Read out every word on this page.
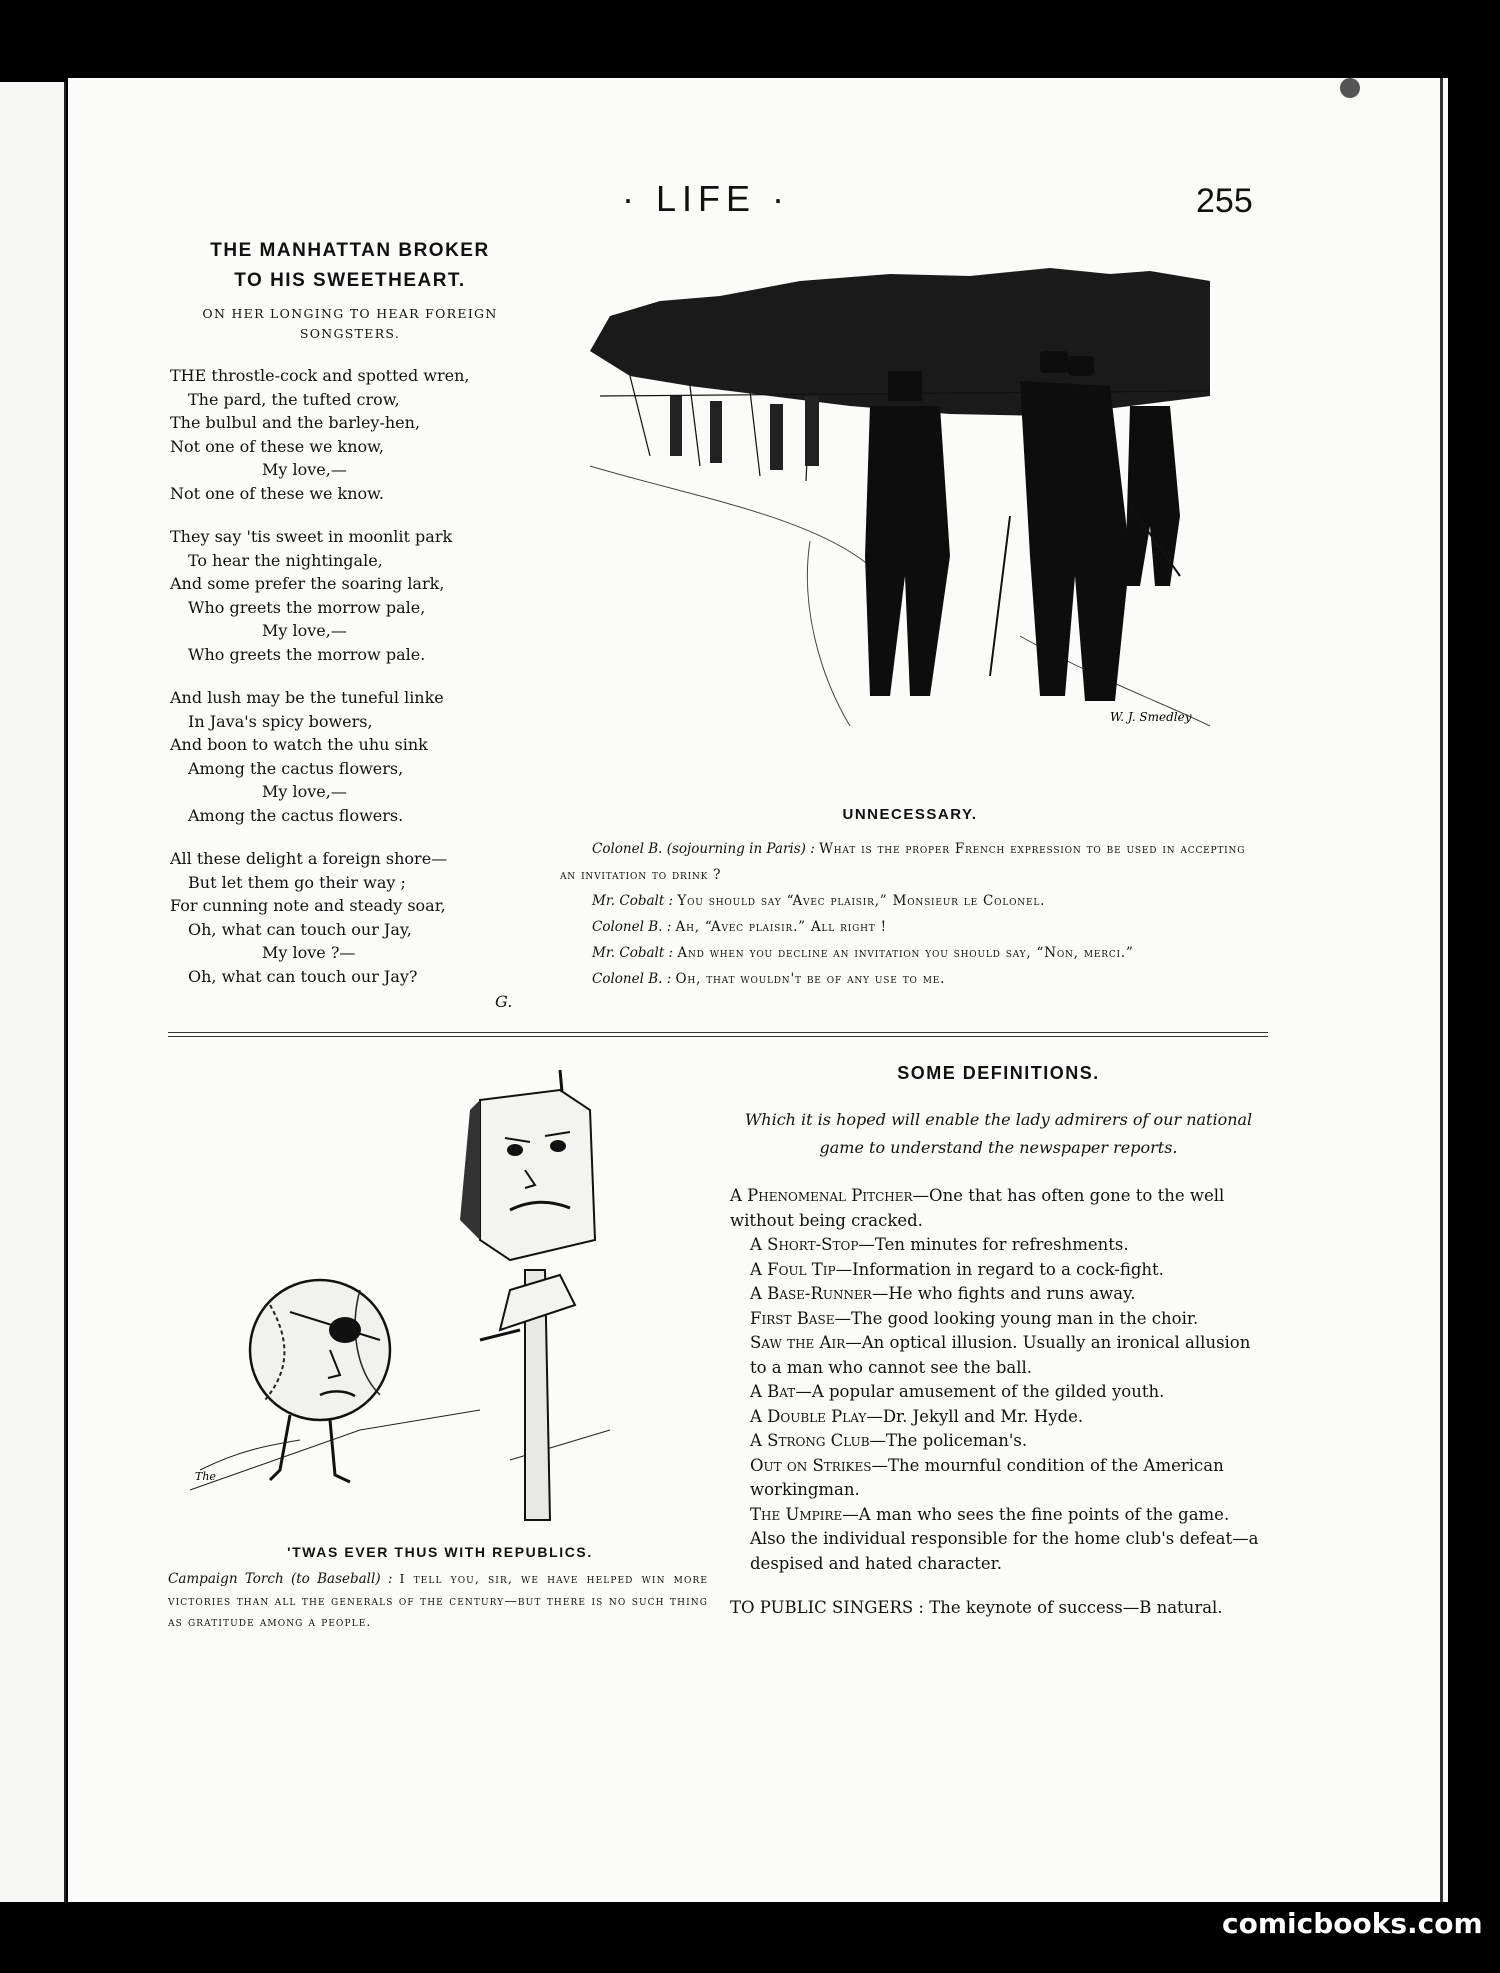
· LIFE ·	255
THE MANHATTAN BROKER
TO HIS SWEETHEART.
ON HER LONGING TO HEAR FOREIGN
SONGSTERS.
THE throstle-cock and spotted wren,
The pard, the tufted crow,
The bulbul and the barley-hen,
Not one of these we know,
My love,—
Not one of these we know.
They say 'tis sweet in moonlit park
To hear the nightingale,
And some prefer the soaring lark,
Who greets the morrow pale,
My love,—
Who greets the morrow pale.
And lush may be the tuneful linke
In Java's spicy bowers,
And boon to watch the uhu sink
Among the cactus flowers,
My love,—
Among the cactus flowers.
All these delight a foreign shore—
But let them go their way ;
For cunning note and steady soar,
Oh, what can touch our Jay,
My love ?—
Oh, what can touch our Jay?
G.
W. J. Smedley
UNNECESSARY.

Colonel B. (sojourning in Paris) : What is the proper French expression to be used in accepting an invitation to drink ?

Mr. Cobalt : You should say “Avec plaisir,” Monsieur le Colonel.

Colonel B. : Ah, “Avec plaisir.” All right !

Mr. Cobalt : And when you decline an invitation you should say, “Non, merci.”

Colonel B. : Oh, that wouldn't be of any use to me.

The
'TWAS EVER THUS WITH REPUBLICS.
Campaign Torch (to Baseball) : I tell you, sir, we have helped win more victories than all the generals of the century—but there is no such thing as gratitude among a people.
SOME DEFINITIONS.
Which it is hoped will enable the lady admirers of our national game to understand the newspaper reports.

A Phenomenal Pitcher—One that has often gone to the well without being cracked.

A Short-Stop—Ten minutes for refreshments.

A Foul Tip—Information in regard to a cock-fight.

A Base-Runner—He who fights and runs away.

First Base—The good looking young man in the choir.

Saw the Air—An optical illusion. Usually an ironical allusion to a man who cannot see the ball.

A Bat—A popular amusement of the gilded youth.

A Double Play—Dr. Jekyll and Mr. Hyde.

A Strong Club—The policeman's.

Out on Strikes—The mournful condition of the American workingman.

The Umpire—A man who sees the fine points of the game. Also the individual responsible for the home club's defeat—a despised and hated character.

TO PUBLIC SINGERS : The keynote of success—B natural.
comicbooks.com
